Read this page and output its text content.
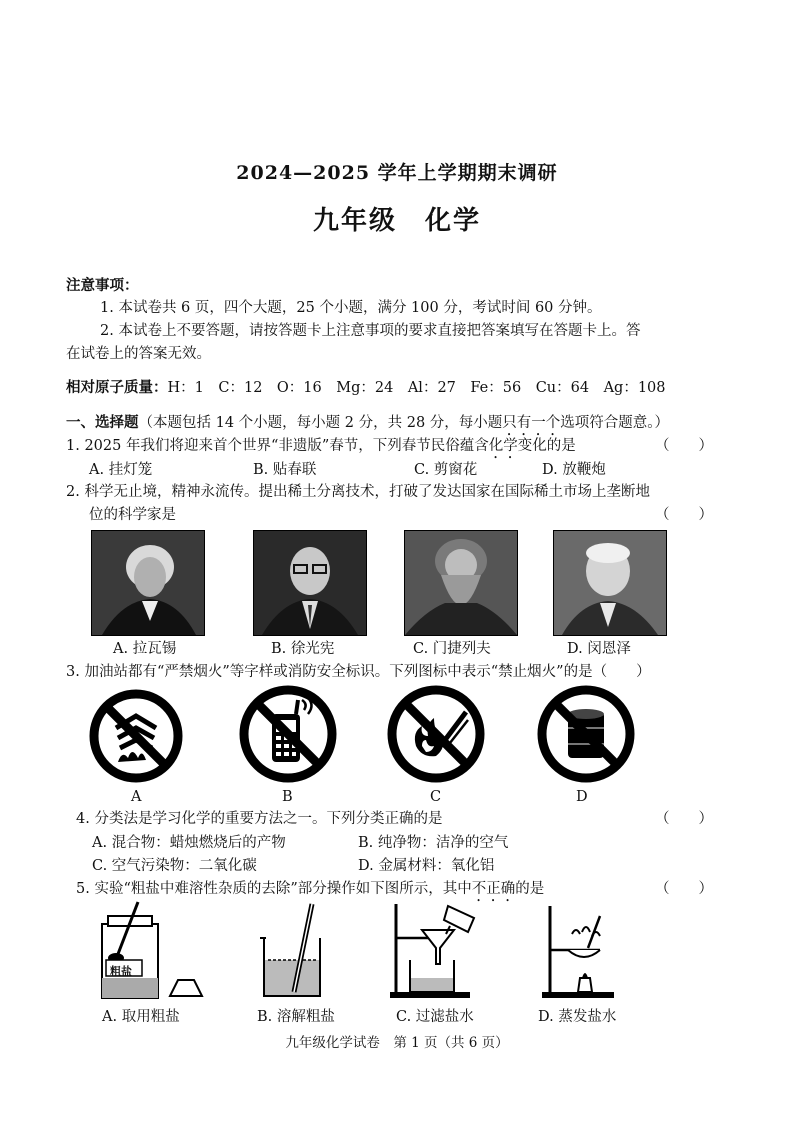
2024—2025 学年上学期期末调研
九年级　化学
注意事项：
1. 本试卷共 6 页，四个大题，25 个小题，满分 100 分，考试时间 60 分钟。
2. 本试卷上不要答题，请按答题卡上注意事项的要求直接把答案填写在答题卡上。答
在试卷上的答案无效。
相对原子质量：H：1　C：12　O：16　Mg：24　Al：27　Fe：56　Cu：64　Ag：108
一、选择题（本题包括 14 个小题，每小题 2 分，共 28 分，每小题只有一个选项符合题意。）
1. 2025 年我们将迎来首个世界“非遗版”春节，下列春节民俗蕴含化学变化的是	（　　）
A. 挂灯笼	B. 贴春联	C. 剪窗花	D. 放鞭炮
2. 科学无止境，精神永流传。提出稀土分离技术，打破了发达国家在国际稀土市场上垄断地
位的科学家是	（　　）
A. 拉瓦锡	B. 徐光宪	C. 门捷列夫	D. 闵恩泽
3. 加油站都有“严禁烟火”等字样或消防安全标识。下列图标中表示“禁止烟火”的是（　　）
A	B	C	D
4. 分类法是学习化学的重要方法之一。下列分类正确的是	（　　）
A. 混合物：蜡烛燃烧后的产物	B. 纯净物：洁净的空气
C. 空气污染物：二氧化碳	D. 金属材料：氧化铝
5. 实验“粗盐中难溶性杂质的去除”部分操作如下图所示，其中不正确的是	（　　）
粗盐
A. 取用粗盐	B. 溶解粗盐	C. 过滤盐水	D. 蒸发盐水
九年级化学试卷　第 1 页（共 6 页）
